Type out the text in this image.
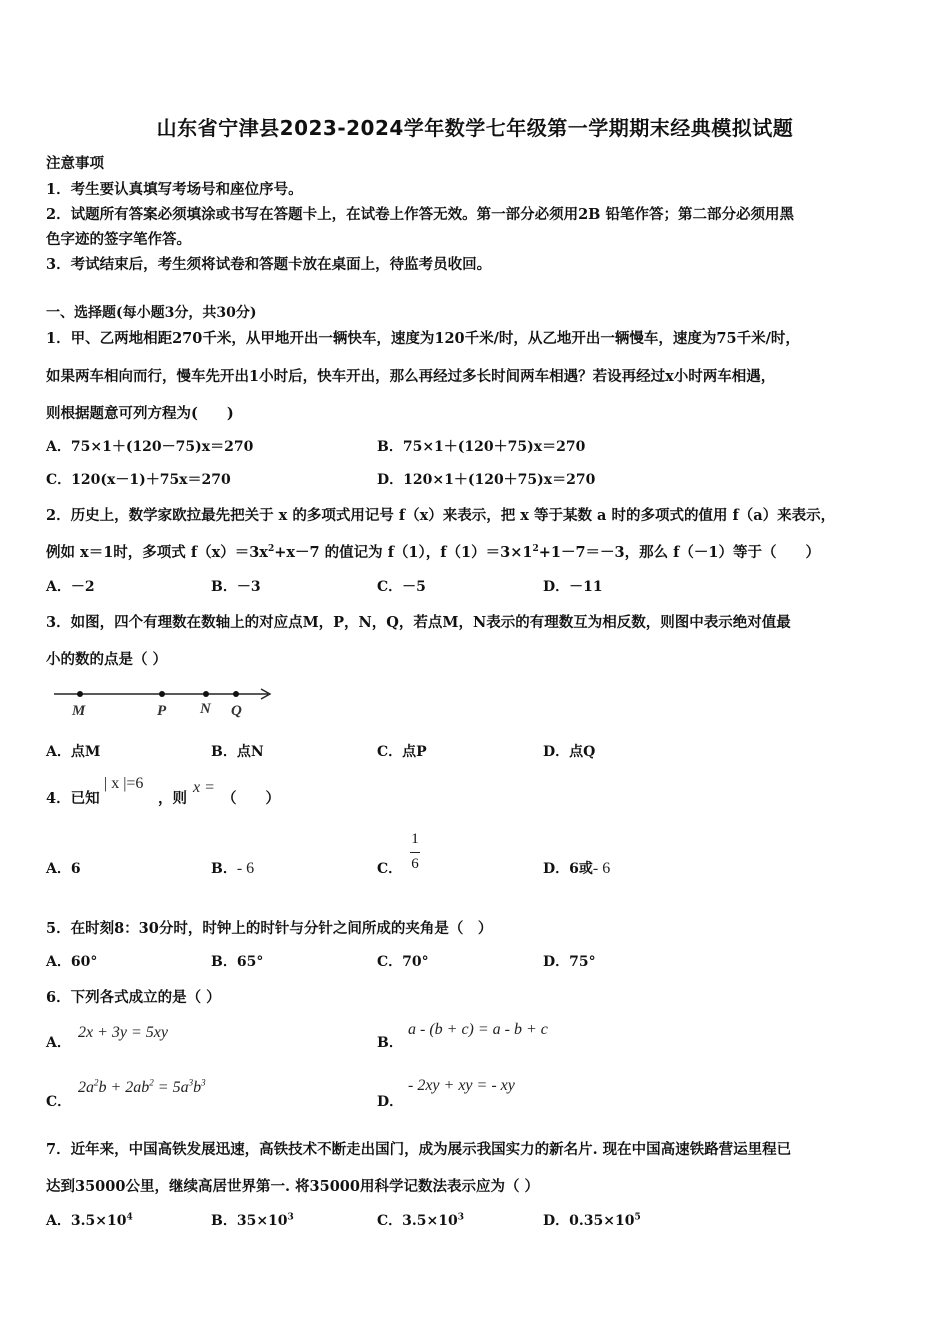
山东省宁津县2023-2024学年数学七年级第一学期期末经典模拟试题
注意事项
1．考生要认真填写考场号和座位序号。
2．试题所有答案必须填涂或书写在答题卡上，在试卷上作答无效。第一部分必须用2B 铅笔作答；第二部分必须用黑
色字迹的签字笔作答。
3．考试结束后，考生须将试卷和答题卡放在桌面上，待监考员收回。
一、选择题(每小题3分，共30分)
1．甲、乙两地相距270千米，从甲地开出一辆快车，速度为120千米/时，从乙地开出一辆慢车，速度为75千米/时，
如果两车相向而行，慢车先开出1小时后，快车开出，那么再经过多长时间两车相遇？若设再经过x小时两车相遇，
则根据题意可列方程为(　　)
A．75×1＋(120－75)x＝270	B．75×1＋(120＋75)x＝270
C．120(x－1)＋75x＝270	D．120×1＋(120＋75)x＝270
2．历史上，数学家欧拉最先把关于 x 的多项式用记号 f（x）来表示，把 x 等于某数 a 时的多项式的值用 f（a）来表示，
例如 x＝1时，多项式 $f(x)=3x^2+x-7$ 的值记为 f（1），$f(1)=3\times 1^2+1-7=-3$，那么 f（－1）等于（　　）
A．－2	B．－3	C．－5	D．－11
3．如图，四个有理数在数轴上的对应点M，P，N，Q，若点M，N表示的有理数互为相反数，则图中表示绝对值最
小的数的点是（ ）
M	P N Q
A．点M	B．点N	C．点P	D．点Q
4．已知
| x |=6
，则
x =
（　　）
A．6	B．- 6	C．
1
6	D．6或- 6
5．在时刻8：30分时，时钟上的时针与分针之间所成的夹角是（　）
A．60°	B．65°	C．70°	D．75°
6．下列各式成立的是（ ）
A．
2x + 3y = 5xy
B．
a - (b + c) = a - b + c
C．
$2a^2b + 2ab^2 = 5a^3b^3$
D．
- 2xy + xy = - xy
7．近年来，中国高铁发展迅速，高铁技术不断走出国门，成为展示我国实力的新名片. 现在中国高速铁路营运里程已
达到35000公里，继续高居世界第一. 将35000用科学记数法表示应为（ ）
A．$3.5\times 10^4$	B．$35\times 10^3$	C．$3.5\times 10^3$	D．$0.35\times 10^5$
